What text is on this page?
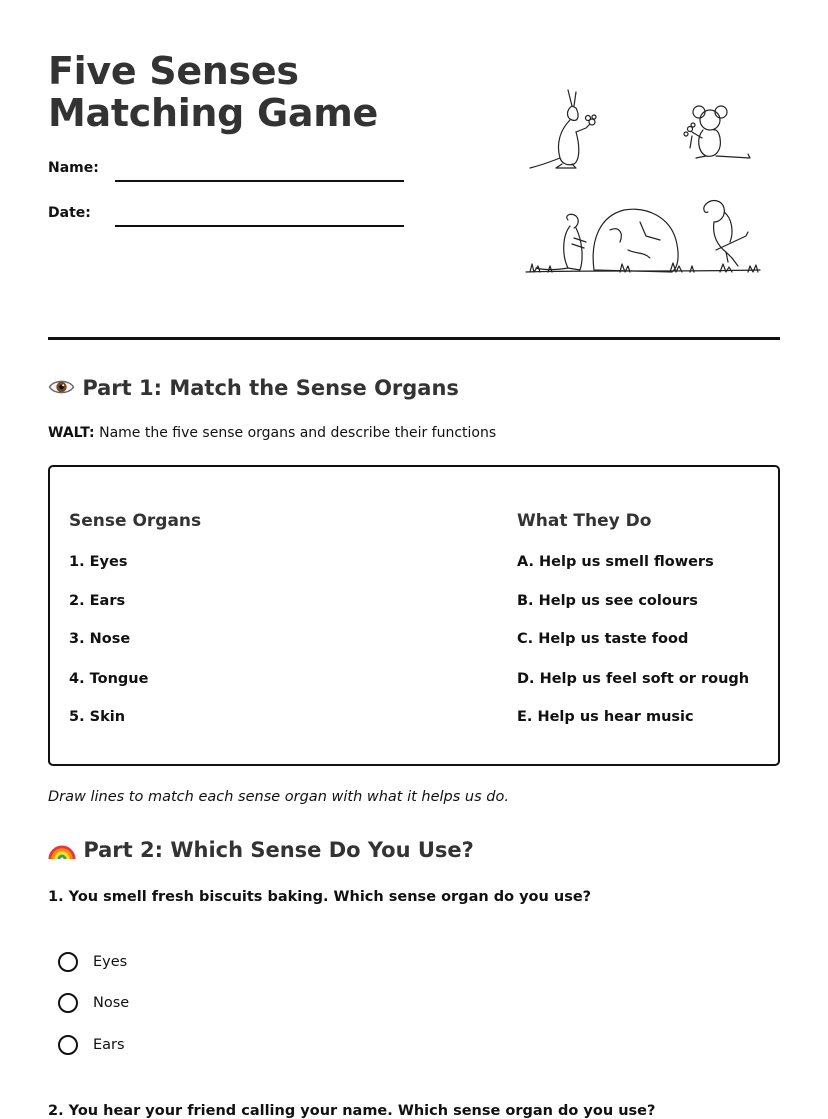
Five Senses Matching Game
Name:
Date:
Part 1: Match the Sense Organs
WALT: Name the five sense organs and describe their functions
Sense Organs	What They Do
1. Eyes
2. Ears
3. Nose
4. Tongue
5. Skin
A. Help us smell flowers
B. Help us see colours
C. Help us taste food
D. Help us feel soft or rough
E. Help us hear music
Draw lines to match each sense organ with what it helps us do.
Part 2: Which Sense Do You Use?
1. You smell fresh biscuits baking. Which sense organ do you use?
Eyes
Nose
Ears
2. You hear your friend calling your name. Which sense organ do you use?
